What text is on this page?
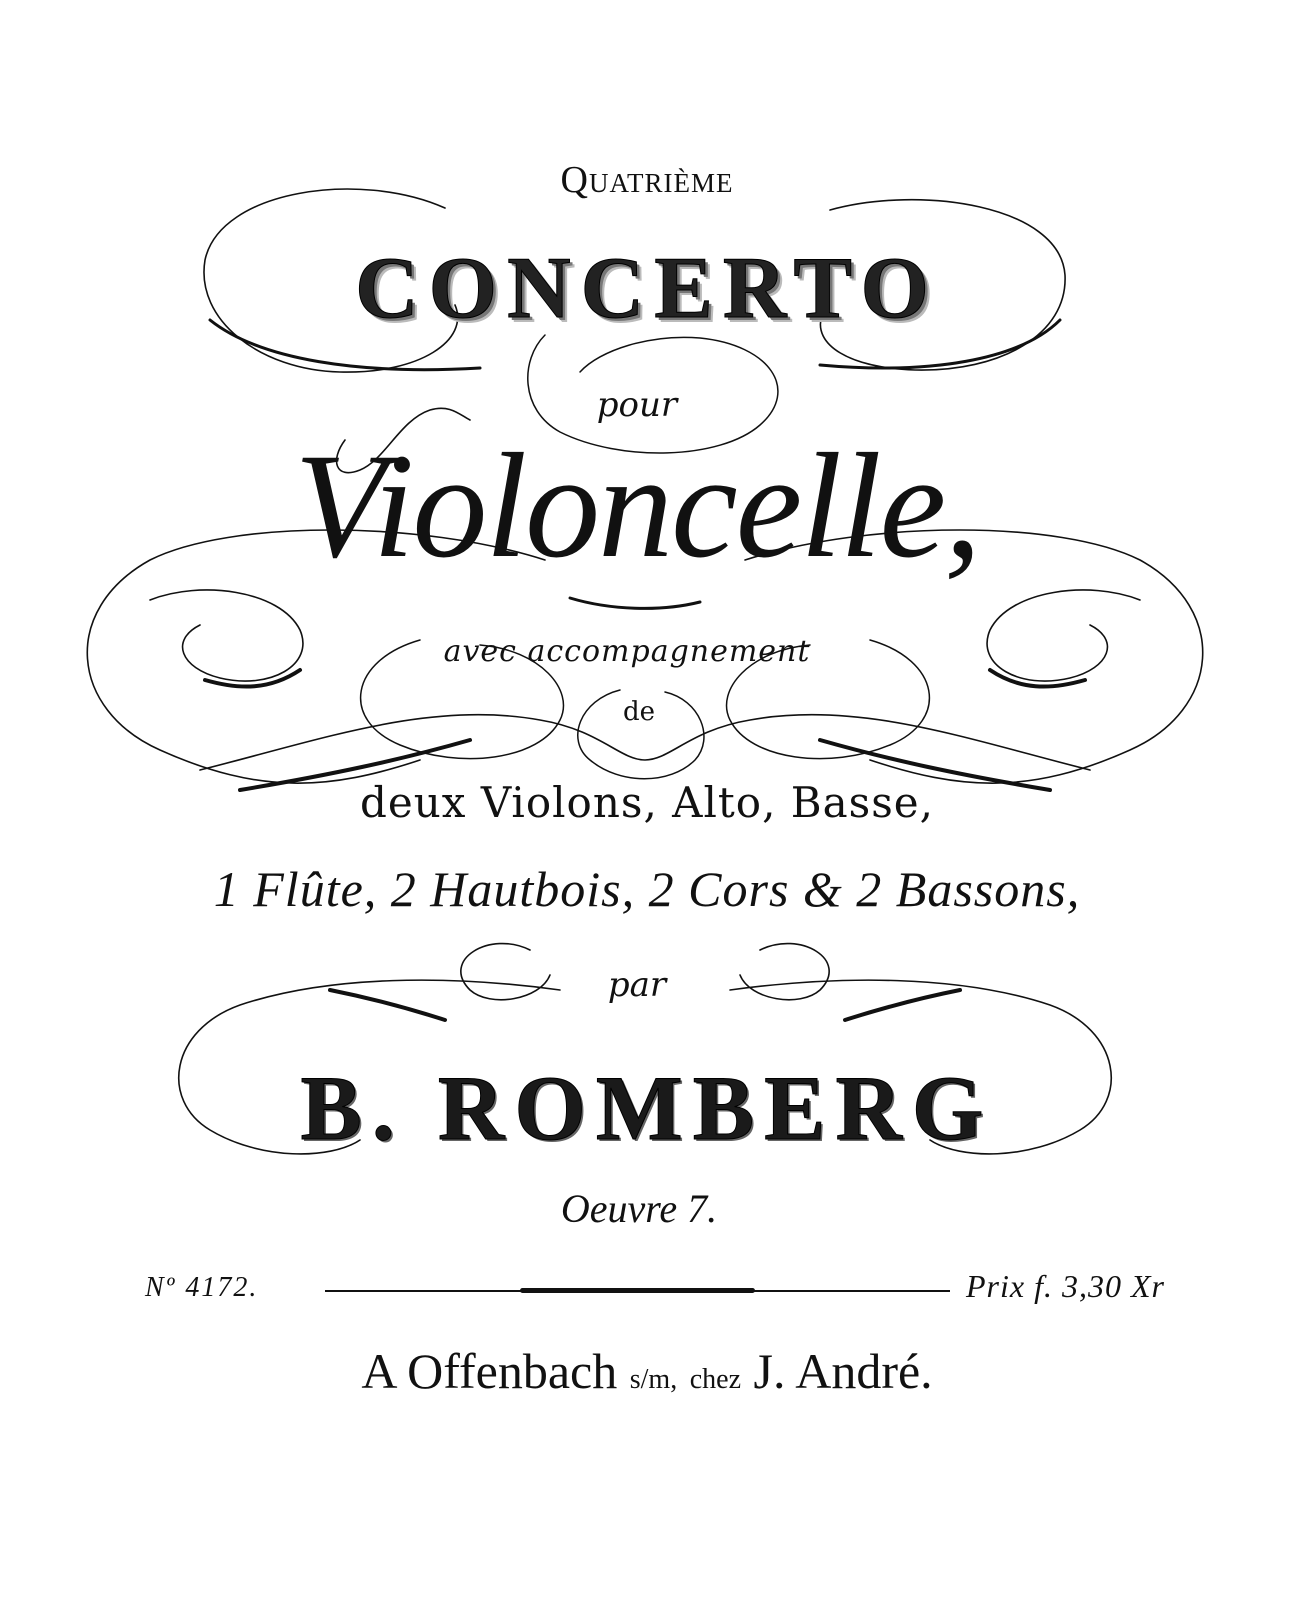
Quatrième
CONCERTO
pour
Violoncelle,
avec accompagnement
de
deux Violons, Alto, Basse,
1 Flûte, 2 Hautbois, 2 Cors & 2 Bassons,
par
B. ROMBERG
Oeuvre 7.
Nº 4172.	Prix f. 3,30 Xr
A Offenbach s/m, chez J. André.
